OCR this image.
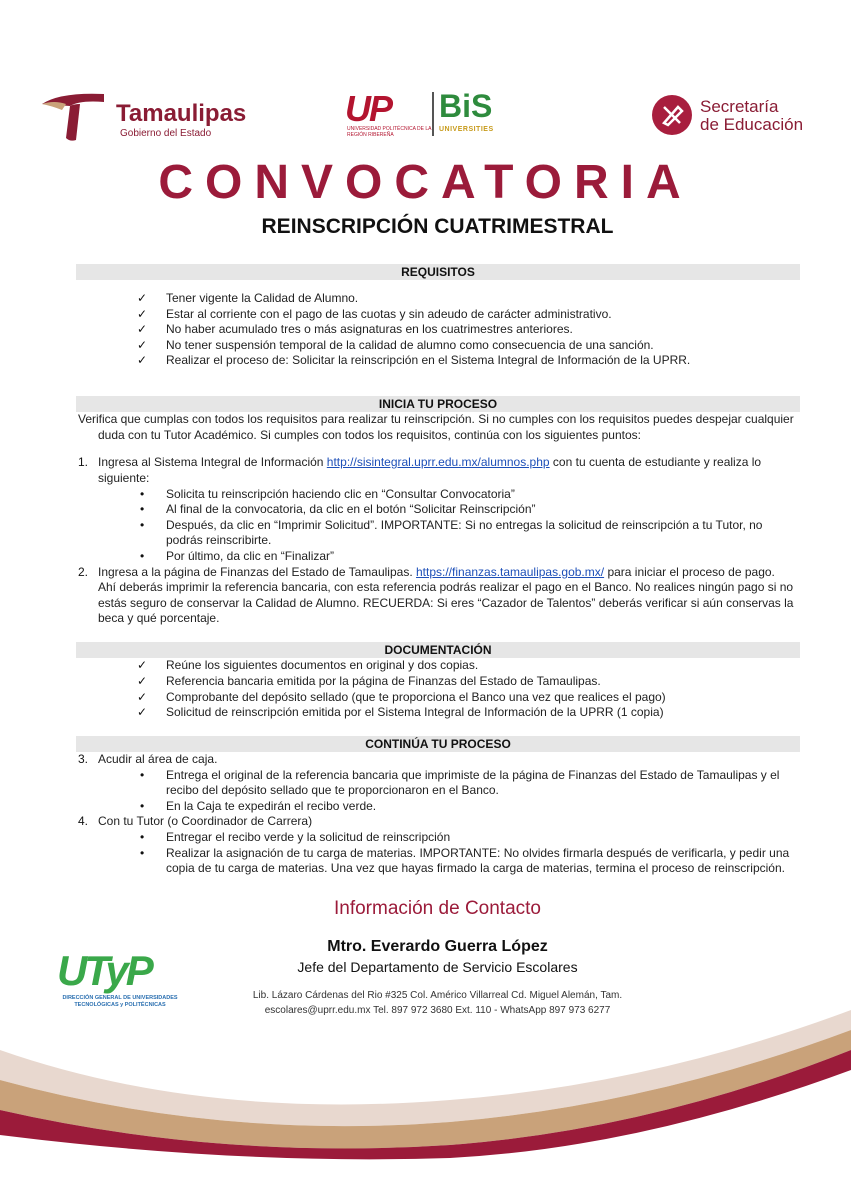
Tamaulipas
Gobierno del Estado
UP
UNIVERSIDAD POLITÉCNICA DE LA REGIÓN RIBEREÑA
BiS
UNIVERSITIES
Secretaría
de Educación
CONVOCATORIA
REINSCRIPCIÓN CUATRIMESTRAL
REQUISITOS
✓ Tener vigente la Calidad de Alumno.
✓ Estar al corriente con el pago de las cuotas y sin adeudo de carácter administrativo.
✓ No haber acumulado tres o más asignaturas en los cuatrimestres anteriores.
✓ No tener suspensión temporal de la calidad de alumno como consecuencia de una sanción.
✓ Realizar el proceso de: Solicitar la reinscripción en el Sistema Integral de Información de la UPRR.
INICIA TU PROCESO
Verifica que cumplas con todos los requisitos para realizar tu reinscripción. Si no cumples con los requisitos puedes despejar cualquier
duda con tu Tutor Académico. Si cumples con todos los requisitos, continúa con los siguientes puntos:
1. Ingresa al Sistema Integral de Información http://sisintegral.uprr.edu.mx/alumnos.php con tu cuenta de estudiante y realiza lo
siguiente:
• Solicita tu reinscripción haciendo clic en “Consultar Convocatoria”
• Al final de la convocatoria, da clic en el botón “Solicitar Reinscripción”
• Después, da clic en “Imprimir Solicitud”. IMPORTANTE: Si no entregas la solicitud de reinscripción a tu Tutor, no
podrás reinscribirte.
• Por último, da clic en “Finalizar”
2. Ingresa a la página de Finanzas del Estado de Tamaulipas. https://finanzas.tamaulipas.gob.mx/ para iniciar el proceso de pago.
Ahí deberás imprimir la referencia bancaria, con esta referencia podrás realizar el pago en el Banco. No realices ningún pago si no
estás seguro de conservar la Calidad de Alumno. RECUERDA: Si eres “Cazador de Talentos” deberás verificar si aún conservas la
beca y qué porcentaje.
DOCUMENTACIÓN
✓ Reúne los siguientes documentos en original y dos copias.
✓ Referencia bancaria emitida por la página de Finanzas del Estado de Tamaulipas.
✓ Comprobante del depósito sellado (que te proporciona el Banco una vez que realices el pago)
✓ Solicitud de reinscripción emitida por el Sistema Integral de Información de la UPRR (1 copia)
CONTINÚA TU PROCESO
3. Acudir al área de caja.
• Entrega el original de la referencia bancaria que imprimiste de la página de Finanzas del Estado de Tamaulipas y el
recibo del depósito sellado que te proporcionaron en el Banco.
• En la Caja te expedirán el recibo verde.
4. Con tu Tutor (o Coordinador de Carrera)
• Entregar el recibo verde y la solicitud de reinscripción
• Realizar la asignación de tu carga de materias. IMPORTANTE: No olvides firmarla después de verificarla, y pedir una
copia de tu carga de materias. Una vez que hayas firmado la carga de materias, termina el proceso de reinscripción.
Información de Contacto
Mtro. Everardo Guerra López
Jefe del Departamento de Servicio Escolares
Lib. Lázaro Cárdenas del Rio #325 Col. Américo Villarreal Cd. Miguel Alemán, Tam.
escolares@uprr.edu.mx Tel. 897 972 3680 Ext. 110 - WhatsApp 897 973 6277
UTyP
DIRECCIÓN GENERAL DE UNIVERSIDADES
TECNOLÓGICAS y POLITÉCNICAS
